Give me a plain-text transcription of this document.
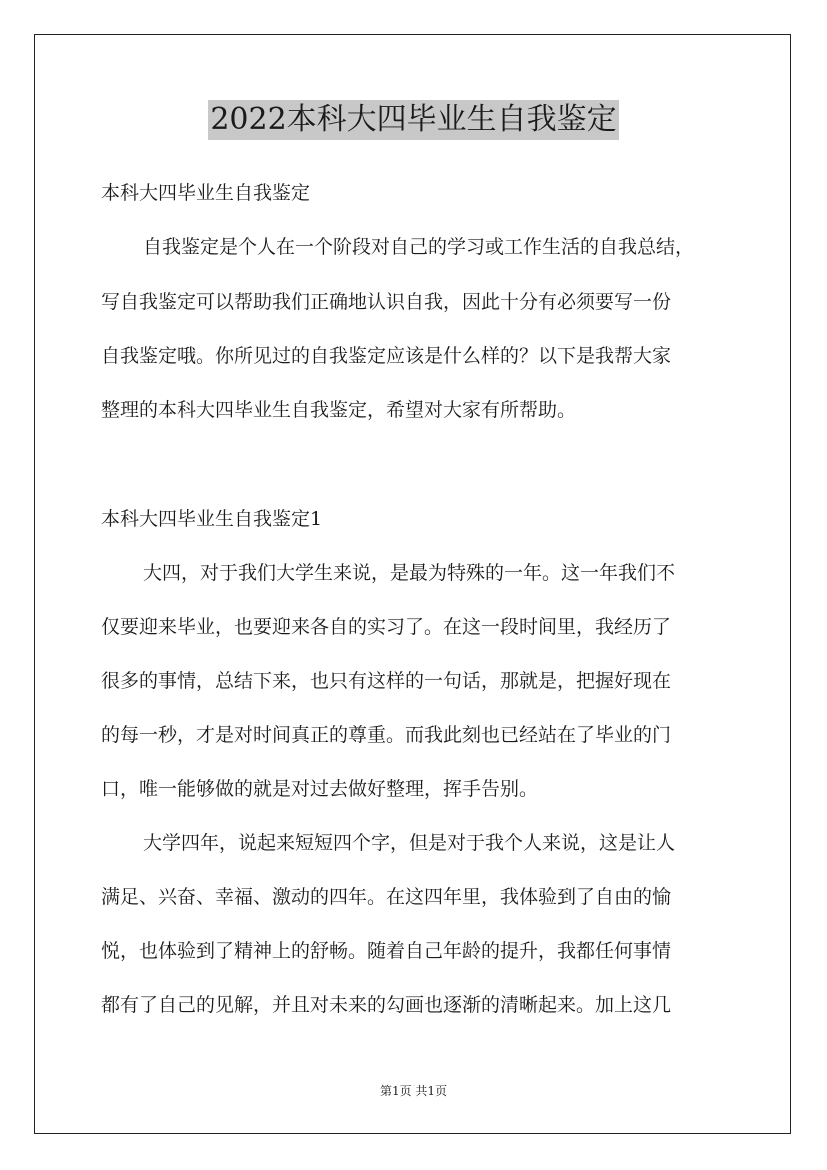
2022本科大四毕业生自我鉴定
本科大四毕业生自我鉴定
自我鉴定是个人在一个阶段对自己的学习或工作生活的自我总结，
写自我鉴定可以帮助我们正确地认识自我，因此十分有必须要写一份
自我鉴定哦。你所见过的自我鉴定应该是什么样的？以下是我帮大家
整理的本科大四毕业生自我鉴定，希望对大家有所帮助。
本科大四毕业生自我鉴定1
大四，对于我们大学生来说，是最为特殊的一年。这一年我们不
仅要迎来毕业，也要迎来各自的实习了。在这一段时间里，我经历了
很多的事情，总结下来，也只有这样的一句话，那就是，把握好现在
的每一秒，才是对时间真正的尊重。而我此刻也已经站在了毕业的门
口，唯一能够做的就是对过去做好整理，挥手告别。
大学四年，说起来短短四个字，但是对于我个人来说，这是让人
满足、兴奋、幸福、激动的四年。在这四年里，我体验到了自由的愉
悦，也体验到了精神上的舒畅。随着自己年龄的提升，我都任何事情
都有了自己的见解，并且对未来的勾画也逐渐的清晰起来。加上这几
第1页 共1页
